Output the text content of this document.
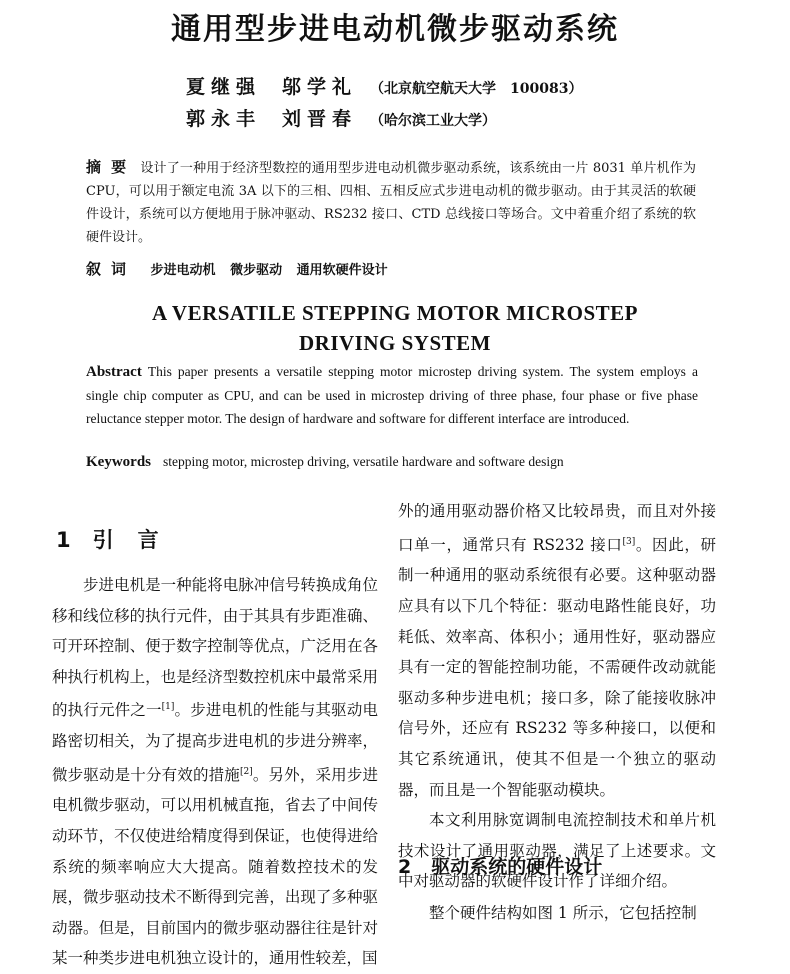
通用型步进电动机微步驱动系统
夏继强	邬学礼 （北京航空航天大学　100083）
郭永丰	刘晋春 （哈尔滨工业大学）
摘要 设计了一种用于经济型数控的通用型步进电动机微步驱动系统，该系统由一片 8031 单片机作为 CPU，可以用于额定电流 3A 以下的三相、四相、五相反应式步进电动机的微步驱动。由于其灵活的软硬件设计，系统可以方便地用于脉冲驱动、RS232 接口、CTD 总线接口等场合。文中着重介绍了系统的软硬件设计。
叙词 步进电动机 微步驱动 通用软硬件设计
A VERSATILE STEPPING MOTOR MICROSTEP
DRIVING SYSTEM
Abstract This paper presents a versatile stepping motor microstep driving system. The system employs a single chip computer as CPU, and can be used in microstep driving of three phase, four phase or five phase reluctance stepper motor. The design of hardware and software for different interface are introduced.
Keywords stepping motor, microstep driving, versatile hardware and software design
1 引言

步进电机是一种能将电脉冲信号转换成角位移和线位移的执行元件，由于其具有步距准确、可开环控制、便于数字控制等优点，广泛用在各种执行机构上，也是经济型数控机床中最常采用的执行元件之一[1]。步进电机的性能与其驱动电路密切相关，为了提高步进电机的步进分辨率，微步驱动是十分有效的措施[2]。另外，采用步进电机微步驱动，可以用机械直拖，省去了中间传动环节，不仅使进给精度得到保证，也使得进给系统的频率响应大大提高。随着数控技术的发展，微步驱动技术不断得到完善，出现了多种驱动器。但是，目前国内的微步驱动器往往是针对某一种类步进电机独立设计的，通用性较差，国

外的通用驱动器价格又比较昂贵，而且对外接口单一，通常只有 RS232 接口[3]。因此，研制一种通用的驱动系统很有必要。这种驱动器应具有以下几个特征：驱动电路性能良好，功耗低、效率高、体积小；通用性好，驱动器应具有一定的智能控制功能，不需硬件改动就能驱动多种步进电机；接口多，除了能接收脉冲信号外，还应有 RS232 等多种接口，以便和其它系统通讯，使其不但是一个独立的驱动器，而且是一个智能驱动模块。

本文利用脉宽调制电流控制技术和单片机技术设计了通用驱动器，满足了上述要求。文中对驱动器的软硬件设计作了详细介绍。

2 驱动系统的硬件设计
整个硬件结构如图 1 所示，它包括控制
